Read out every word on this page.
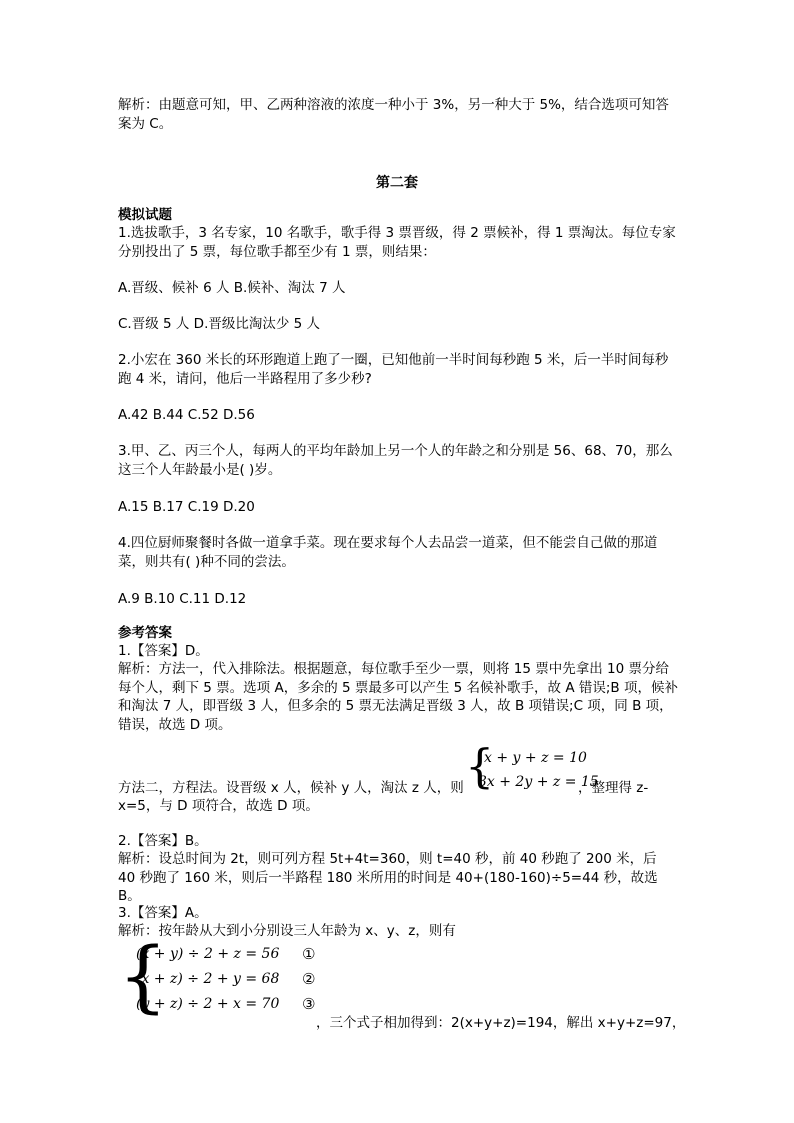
解析：由题意可知，甲、乙两种溶液的浓度一种小于 3%，另一种大于 5%，结合选项可知答案为 C。
第二套
模拟试题
1.选拔歌手，3 名专家，10 名歌手，歌手得 3 票晋级，得 2 票候补，得 1 票淘汰。每位专家分别投出了 5 票，每位歌手都至少有 1 票，则结果：
A.晋级、候补 6 人 B.候补、淘汰 7 人
C.晋级 5 人 D.晋级比淘汰少 5 人
2.小宏在 360 米长的环形跑道上跑了一圈，已知他前一半时间每秒跑 5 米，后一半时间每秒跑 4 米，请问，他后一半路程用了多少秒?
A.42 B.44 C.52 D.56
3.甲、乙、丙三个人，每两人的平均年龄加上另一个人的年龄之和分别是 56、68、70，那么这三个人年龄最小是( )岁。
A.15 B.17 C.19 D.20
4.四位厨师聚餐时各做一道拿手菜。现在要求每个人去品尝一道菜，但不能尝自己做的那道菜，则共有( )种不同的尝法。
A.9 B.10 C.11 D.12
参考答案
1.【答案】D。
解析：方法一，代入排除法。根据题意，每位歌手至少一票，则将 15 票中先拿出 10 票分给每个人，剩下 5 票。选项 A，多余的 5 票最多可以产生 5 名候补歌手，故 A 错误;B 项，候补和淘汰 7 人，即晋级 3 人，但多余的 5 票无法满足晋级 3 人，故 B 项错误;C 项，同 B 项，错误，故选 D 项。
{
x + y + z = 10
3x + 2y + z = 15
方法二，方程法。设晋级 x 人，候补 y 人，淘汰 z 人，则	，整理得 z-
x=5，与 D 项符合，故选 D 项。
2.【答案】B。
解析：设总时间为 2t，则可列方程 5t+4t=360，则 t=40 秒，前 40 秒跑了 200 米，后 40 秒跑了 160 米，则后一半路程 180 米所用的时间是 40+(180-160)÷5=44 秒，故选 B。
3.【答案】A。
解析：按年龄从大到小分别设三人年龄为 x、y、z，则有
{
(x + y) ÷ 2 + z = 56
(x + z) ÷ 2 + y = 68
(y + z) ÷ 2 + x = 70
①
②
③
，三个式子相加得到：2(x+y+z)=194，解出 x+y+z=97，
